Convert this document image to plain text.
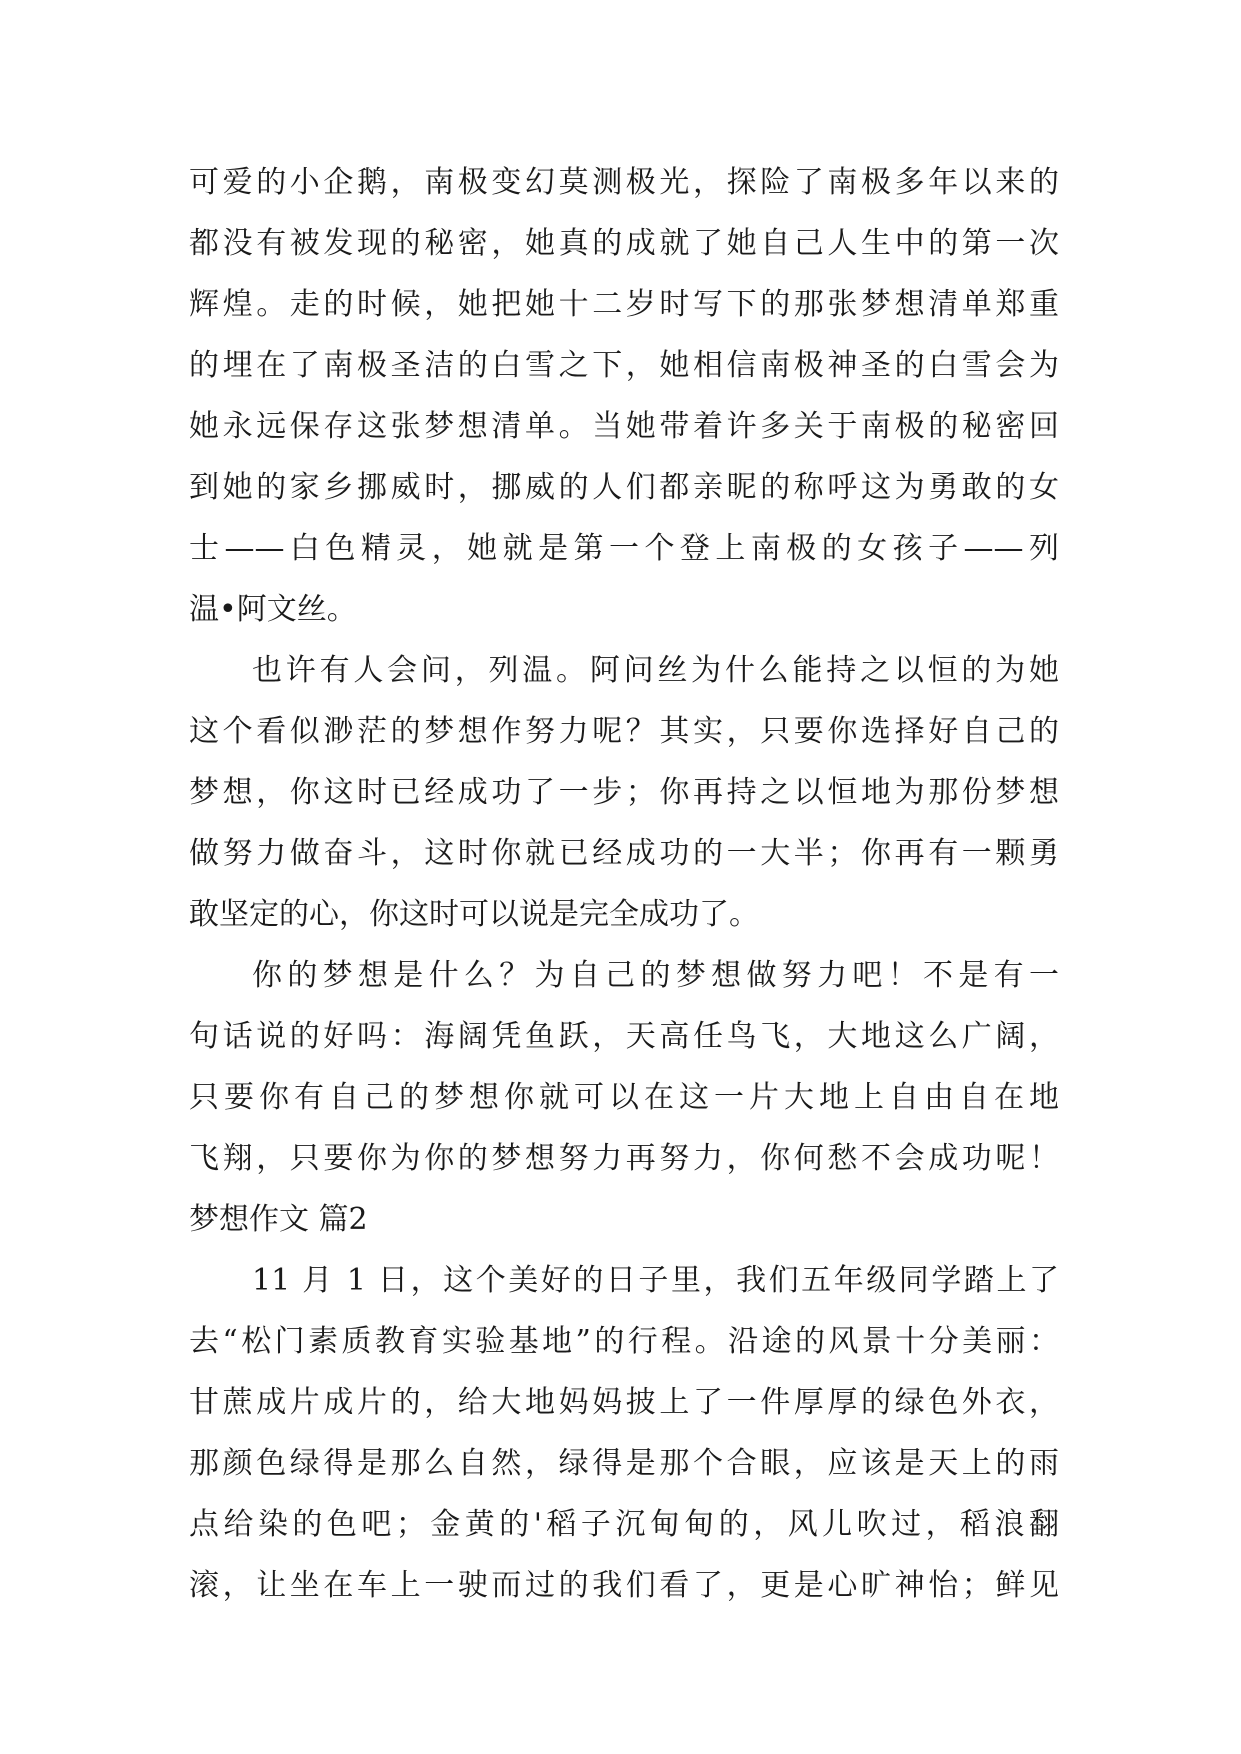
可爱的小企鹅，南极变幻莫测极光，探险了南极多年以来的
都没有被发现的秘密，她真的成就了她自己人生中的第一次
辉煌。走的时候，她把她十二岁时写下的那张梦想清单郑重
的埋在了南极圣洁的白雪之下，她相信南极神圣的白雪会为
她永远保存这张梦想清单。当她带着许多关于南极的秘密回
到她的家乡挪威时，挪威的人们都亲昵的称呼这为勇敢的女
士——白色精灵，她就是第一个登上南极的女孩子——列
温•阿文丝。
也许有人会问，列温。阿问丝为什么能持之以恒的为她
这个看似渺茫的梦想作努力呢？其实，只要你选择好自己的
梦想，你这时已经成功了一步；你再持之以恒地为那份梦想
做努力做奋斗，这时你就已经成功的一大半；你再有一颗勇
敢坚定的心，你这时可以说是完全成功了。
你的梦想是什么？为自己的梦想做努力吧！不是有一
句话说的好吗：海阔凭鱼跃，天高任鸟飞，大地这么广阔，
只要你有自己的梦想你就可以在这一片大地上自由自在地
飞翔，只要你为你的梦想努力再努力，你何愁不会成功呢！
梦想作文 篇2
11 月 1 日，这个美好的日子里，我们五年级同学踏上了
去“松门素质教育实验基地”的行程。沿途的风景十分美丽：
甘蔗成片成片的，给大地妈妈披上了一件厚厚的绿色外衣，
那颜色绿得是那么自然，绿得是那个合眼，应该是天上的雨
点给染的色吧；金黄的'稻子沉甸甸的，风儿吹过，稻浪翻
滚，让坐在车上一驶而过的我们看了，更是心旷神怡；鲜见
